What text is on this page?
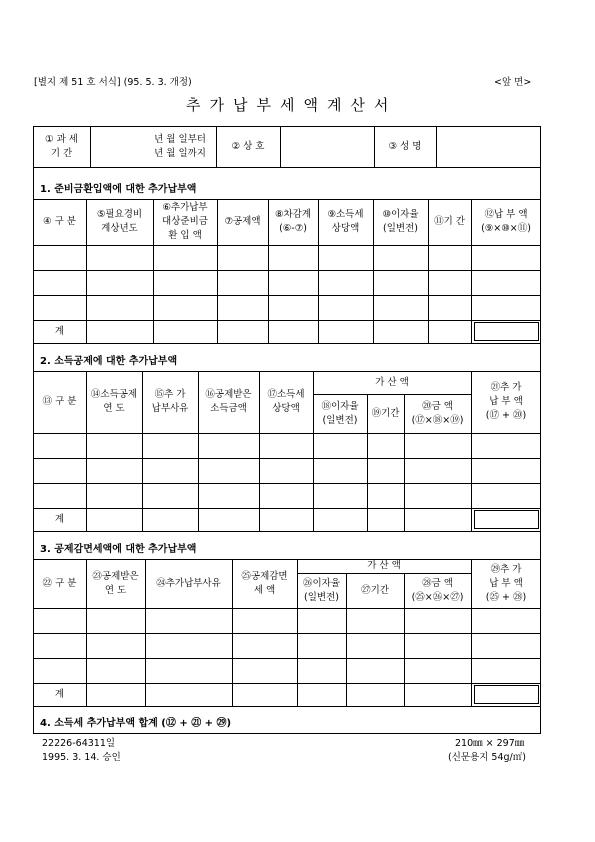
[별지 제 51 호 서식] (95. 5. 3. 개정)	<앞 면>
추가납부세액계산서
① 과 세
기 간
년 월 일부터
년 월 일까지
② 상 호	③ 성 명
1. 준비금환입액에 대한 추가납부액
④ 구 분
⑤필요경비
계상년도
⑥추가납부
대상준비금
환 입 액
⑦공제액
⑧차감계
(⑥-⑦)
⑨소득세
상당액
⑩이자율
(일변전)
⑪기 간
⑫납 부 액
(⑨×⑩×⑪)
계
2. 소득공제에 대한 추가납부액
⑬ 구 분
⑭소득공제
연 도
⑮추 가
납부사유
⑯공제받은
소득금액
⑰소득세
상당액
가 산 액
⑱이자율
(일변전)
⑲기간
⑳금 액
(⑰×⑱×⑲)
㉑추 가
납 부 액
(⑰ + ⑳)
계
3. 공제감면세액에 대한 추가납부액
㉒ 구 분
㉓공제받은
연 도
㉔추가납부사유
㉕공제감면
세 액
가 산 액
㉖이자율
(일변전)
㉗기간
㉘금 액
(㉕×㉖×㉗)
㉙추 가
납 부 액
(㉕ + ㉘)
계
4. 소득세 추가납부액 합계 (⑫ + ㉑ + ㉙)
22226-64311일
1995. 3. 14. 승인
210㎜ × 297㎜
(신문용지 54g/㎡)
